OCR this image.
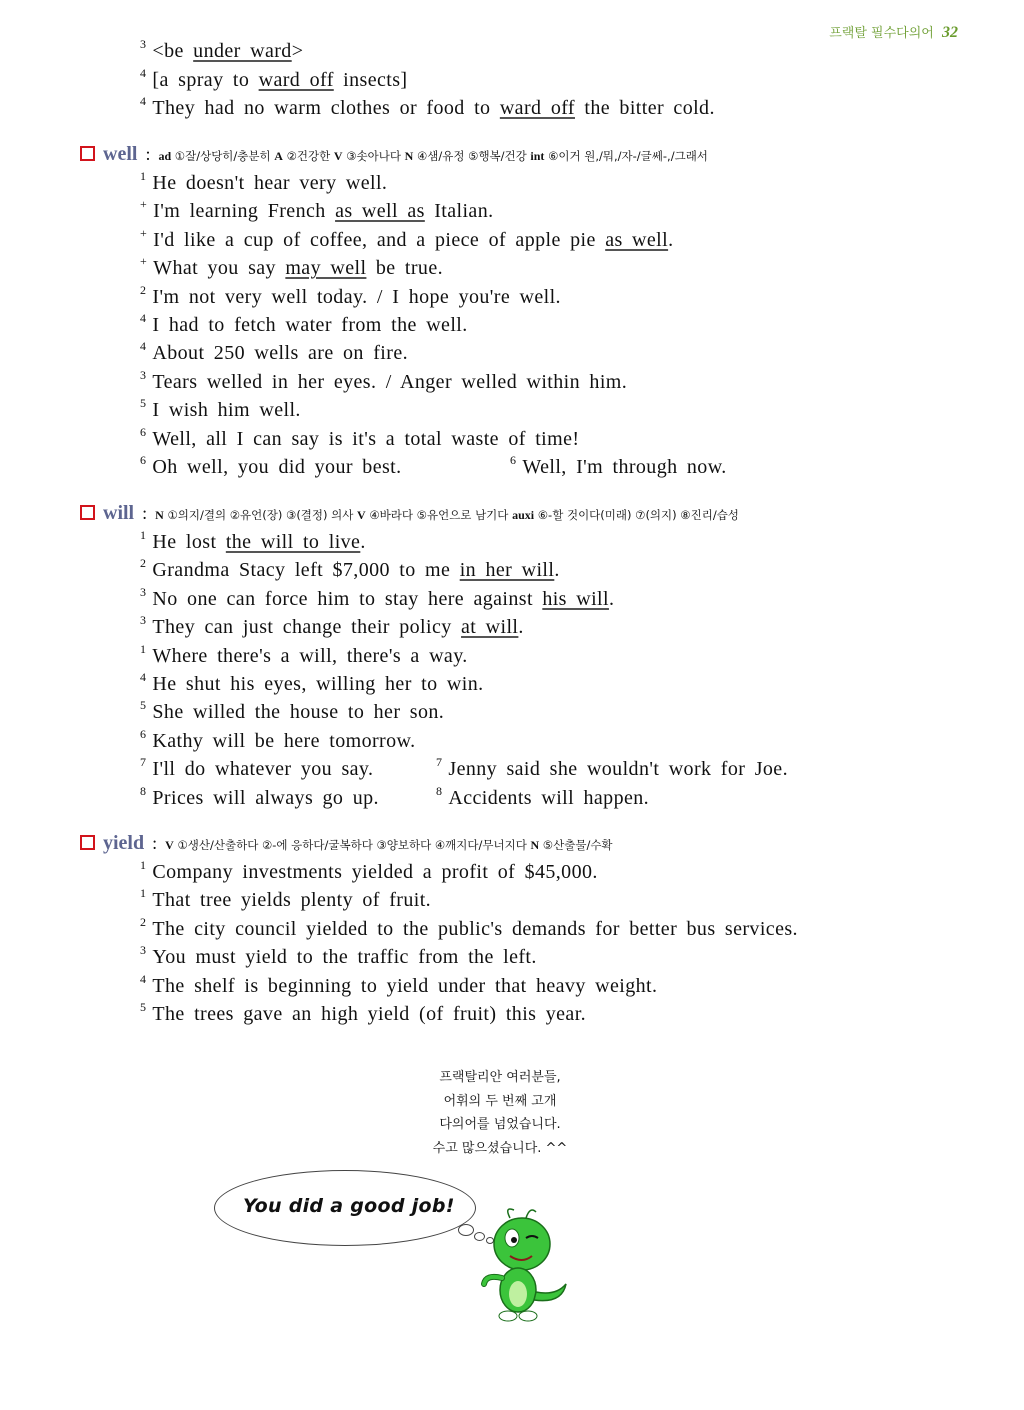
프랙탈 필수다의어 32
$^3$ <be under ward>
$^4$ [a spray to ward off insects]
$^4$ They had no warm clothes or food to ward off the bitter cold.
well : ad ①잘/상당히/충분히 A ②건강한 V ③솟아나다 N ④샘/유정 ⑤행복/건강 int ⑥이거 원,/뭐,/자-/글쎄-,/그래서
$^1$ He doesn't hear very well.
+ I'm learning French as well as Italian.
+ I'd like a cup of coffee, and a piece of apple pie as well.
+ What you say may well be true.
$^2$ I'm not very well today. / I hope you're well.
$^4$ I had to fetch water from the well.
$^4$ About 250 wells are on fire.
$^3$ Tears welled in her eyes. / Anger welled within him.
$^5$ I wish him well.
$^6$ Well, all I can say is it's a total waste of time!
$^6$ Oh well, you did your best.	$^6$ Well, I'm through now.
will : N ①의지/결의 ②유언(장) ③(결정) 의사 V ④바라다 ⑤유언으로 남기다 auxi ⑥-할 것이다(미래) ⑦(의지) ⑧진리/습성
$^1$ He lost the will to live.
$^2$ Grandma Stacy left $7,000 to me in her will.
$^3$ No one can force him to stay here against his will.
$^3$ They can just change their policy at will.
$^1$ Where there's a will, there's a way.
$^4$ He shut his eyes, willing her to win.
$^5$ She willed the house to her son.
$^6$ Kathy will be here tomorrow.
$^7$ I'll do whatever you say.	$^7$ Jenny said she wouldn't work for Joe.
$^8$ Prices will always go up.	$^8$ Accidents will happen.
yield : V ①생산/산출하다 ②-에 응하다/굴복하다 ③양보하다 ④깨지다/무너지다 N ⑤산출물/수확
$^1$ Company investments yielded a profit of $45,000.
$^1$ That tree yields plenty of fruit.
$^2$ The city council yielded to the public's demands for better bus services.
$^3$ You must yield to the traffic from the left.
$^4$ The shelf is beginning to yield under that heavy weight.
$^5$ The trees gave an high yield (of fruit) this year.
프랙탈리안 여러분들,
어휘의 두 번째 고개
다의어를 넘었습니다.
수고 많으셨습니다. ^^
You did a good job!
